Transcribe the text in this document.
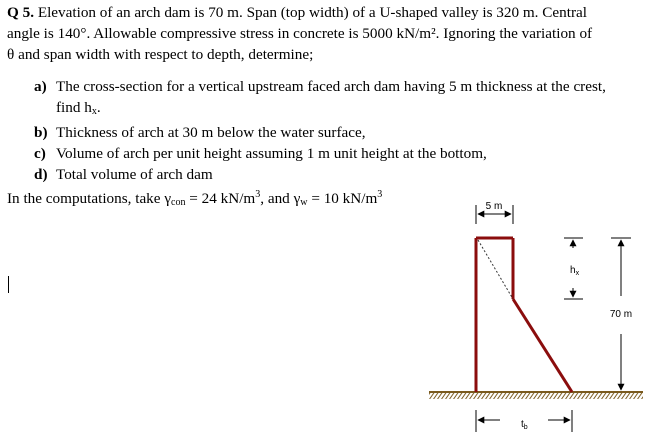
Q 5. Elevation of an arch dam is 70 m. Span (top width) of a U-shaped valley is 320 m. Central
angle is 140°. Allowable compressive stress in concrete is 5000 kN/m². Ignoring the variation of
θ and span width with respect to depth, determine;
a) The cross-section for a vertical upstream faced arch dam having 5 m thickness at the crest,
find $h_x$.
b) Thickness of arch at 30 m below the water surface,
c) Volume of arch per unit height assuming 1 m unit height at the bottom,
d) Total volume of arch dam
In the computations, take $\gamma_{con} = 24$ $kN/m^3$, and $\gamma_w = 10$ $kN/m^3$
5 m
$h_x$
70 m
$t_b$
